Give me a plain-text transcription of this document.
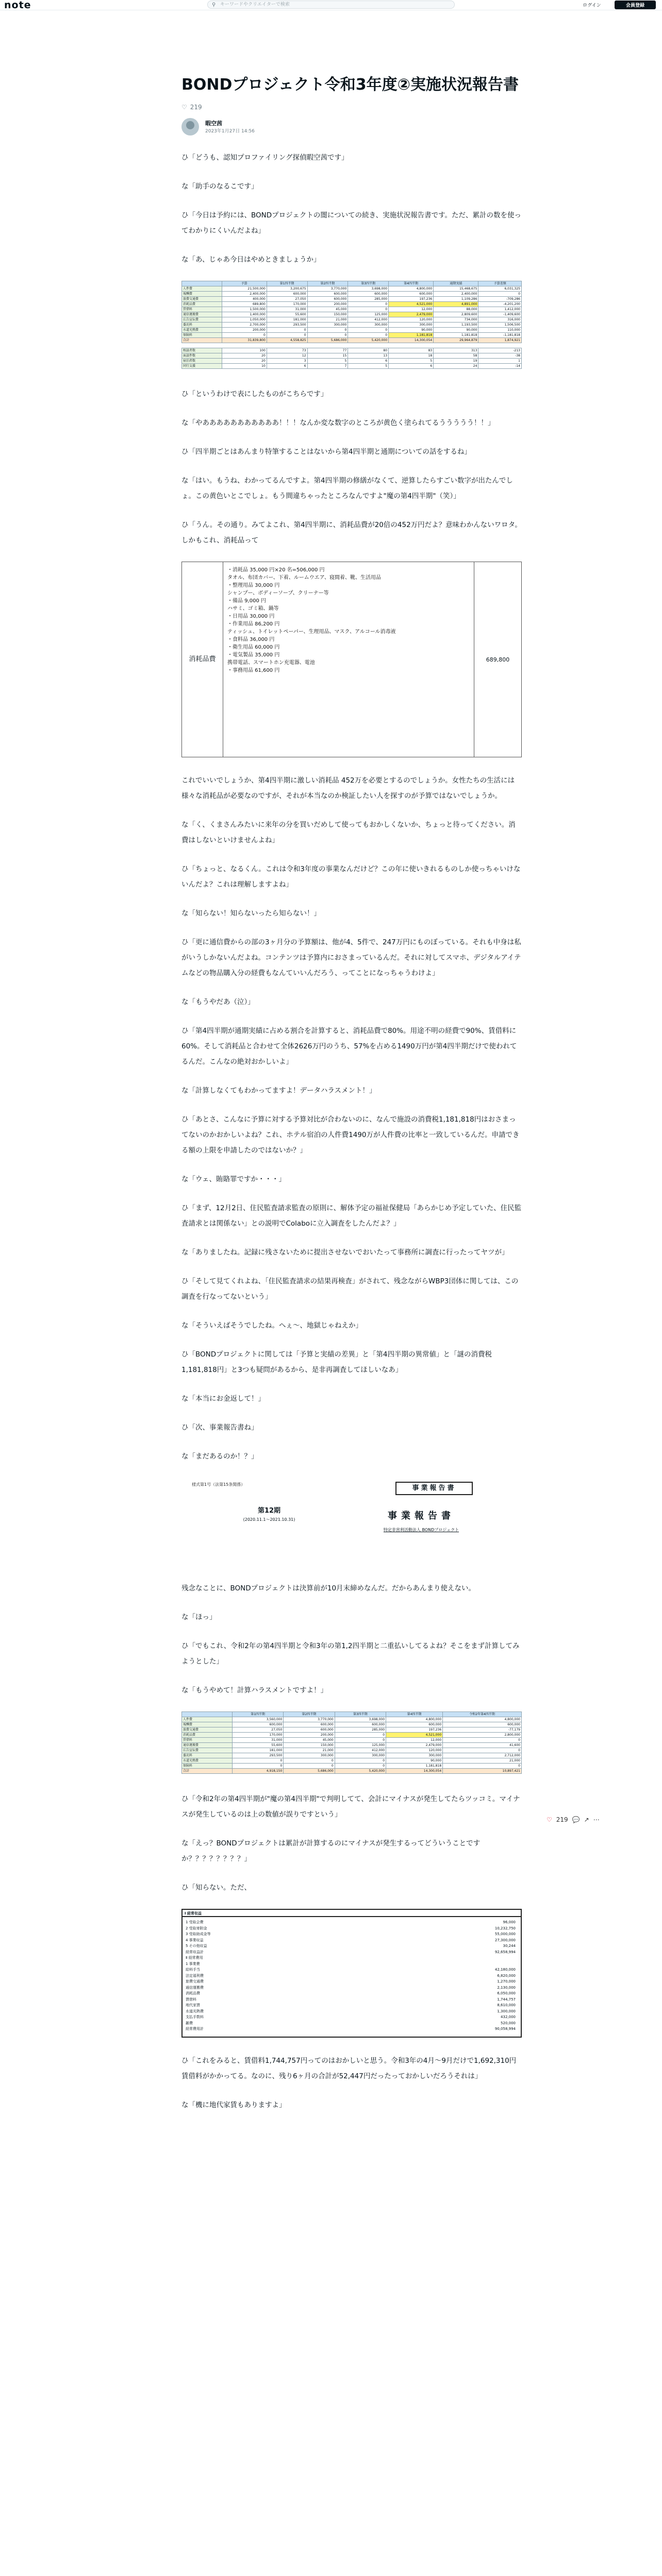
note	⚲
キーワードやクリエイターで検索	ログイン	会員登録
BONDプロジェクト令和3年度②実施状況報告書
♡ 219
暇空茜
2023年1月27日 14:56

ひ「どうも、認知プロファイリング探偵暇空茜です」

な「助手のなるこです」

ひ「今日は予約には、BONDプロジェクトの闇についての続き、実施状況報告書です。ただ、累計の数を使ってわかりにくいんだよね」

な「あ、じゃあ今日はやめときましょうか」

	予算	第1四半期	第2四半期	第3四半期	第4四半期	通期実績	予算差額
人件費	21,500,000	3,200,675	3,770,000	3,698,000	4,800,000	15,468,675	6,031,325
報酬費	2,400,000	600,000	600,000	600,000	600,000	2,400,000	0
旅費交通費	400,000	27,050	600,000	285,000	197,236	1,109,286	-709,286
消耗品費	689,800	170,000	200,000	0	4,521,000	4,891,000	-4,201,200
賃借料	1,500,000	31,000	45,000	0	12,000	88,000	1,412,000
通信運搬費	1,400,000	55,600	150,000	125,000	2,479,000	2,809,600	-1,409,600
広告宣伝費	1,050,000	181,000	21,000	412,000	120,000	734,000	316,000
委託料	2,700,000	293,500	300,000	300,000	300,000	1,193,500	1,506,500
水道光熱費	200,000	0	0	0	90,000	90,000	110,000
保険料	0	0	0	0	1,181,818	1,181,818	-1,181,818
合計	31,839,800	4,558,825	5,686,000	5,420,000	14,300,054	29,964,879	1,874,921

相談者数	100	73	77	80	83	313	-213
面談件数	20	12	15	13	18	58	-38
宿泊者数	20	3	5	6	5	19	1
同行支援	10	6	7	5	6	24	-14

ひ「というわけで表にしたものがこちらです」

な「やあああああああああああ！！！なんか変な数字のところが黄色く塗られてるううううう！！」

ひ「四半期ごとはあんまり特筆することはないから第4四半期と通期についての話をするね」

な「はい。もうね、わかってるんですよ。第4四半期の修繕がなくて、逆算したらすごい数字が出たんでしょ。この黄色いとこでしょ。もう間違ちゃったところなんですよ"魔の第4四半期"（笑）」

ひ「うん。その通り。みてよこれ、第4四半期に、消耗品費が20倍の452万円だよ？意味わかんないワロタ。しかもこれ、消耗品って

消耗品費
・消耗品 35,000 円×20 名=506,000 円
タオル、布団カバー、下着、ルームウエア、寝間着、靴、生活用品
・整理用品 30,000 円
シャンプー、ボディーソープ、クリーナー等
・備品 9,000 円
ハサミ、ゴミ箱、鍋等
・日用品 30,000 円
・作業用品 86,200 円
ティッシュ、トイレットペーパー、生理用品、マスク、アルコール消毒液
・食料品 36,000 円
・衛生用品 60,000 円
・電気製品 35,000 円
携帯電話、スマートホン充電器、電池
・事務用品 61,600 円
689,800

これでいいでしょうか、第4四半期に激しい消耗品 452万を必要とするのでしょうか。女性たちの生活には様々な消耗品が必要なのですが、それが本当なのか検証したい人を探すのが予算ではないでしょうか。

な「く、くまさんみたいに来年の分を買いだめして使ってもおかしくないか、ちょっと待ってください。消費はしないといけませんよね」

ひ「ちょっと、なるくん。これは令和3年度の事業なんだけど？この年に使いきれるものしか使っちゃいけないんだよ？これは理解しますよね」

な「知らない！知らないったら知らない！」

ひ「更に通信費からの部の3ヶ月分の予算額は、他が4、5件で、247万円にものぼっている。それも中身は私がいうしかないんだよね。コンテンツは予算内におさまっているんだ。それに対してスマホ、デジタルアイテムなどの物品購入分の経費もなんていいんだろう、ってことになっちゃうわけよ」

な「もうやだあ（泣）」

ひ「第4四半期が通期実績に占める割合を計算すると、消耗品費で80%。用途不明の経費で90%、賃借料に60%。そして消耗品と合わせて全体2626万円のうち、57%を占める1490万円が第4四半期だけで使われてるんだ。こんなの絶対おかしいよ」

な「計算しなくてもわかってますよ！データハラスメント！」

ひ「あとさ、こんなに予算に対する予算対比が合わないのに、なんで施設の消費税1,181,818円はおさまってないのかおかしいよね？これ、ホテル宿泊の人件費1490万が人件費の比率と一致しているんだ。申請できる額の上限を申請したのではないか？」

な「ウェ、賄賂罪ですか・・・」

ひ「まず、12月2日、住民監査請求監査の原則に、解体予定の福祉保健局「あらかじめ予定していた、住民監査請求とは関係ない」との説明でColaboに立入調査をしたんだよ？」

な「ありましたね。記録に残さないために提出させないでおいたって事務所に調査に行ったってヤツが」

ひ「そして見てくれよね、「住民監査請求の結果再検査」がされて、残念ながらWBP3団体に関しては、この調査を行なってないという」

な「そういえばそうでしたね。へぇ〜、地獄じゃねえか」

ひ「BONDプロジェクトに関しては「予算と実績の差異」と「第4四半期の異常値」と「謎の消費税1,181,818円」と3つも疑問があるから、是非再調査してほしいなあ」

な「本当にお金返して！」

ひ「次、事業報告書ね」

な「まだあるのか！？」

様式第1号（法第15条関係）	事業報告書
第12期
(2020.11.1〜2021.10.31)	事業報告書
特定非営利活動法人 BONDプロジェクト

残念なことに、BONDプロジェクトは決算前が10月末締めなんだ。だからあんまり使えない。

な「ほっ」

ひ「でもこれ、令和2年の第4四半期と令和3年の第1,2四半期と二重払いしてるよね？そこをまず計算してみようとした」

な「もうやめて！計算ハラスメントですよ！」

	第1四半期	第2四半期	第3四半期	第4四半期	令和2年第4四半期
人件費	3,560,000	3,770,000	3,698,000	4,800,000	4,800,000
報酬費	600,000	600,000	600,000	600,000	600,000
旅費交通費	27,050	600,000	285,000	197,236	-77,179
消耗品費	170,000	200,000	0	4,521,000	2,800,000
賃借料	31,000	45,000	0	12,000	0
通信運搬費	55,600	150,000	125,000	2,479,000	41,600
広告宣伝費	181,000	21,000	412,000	120,000	0
委託料	293,500	300,000	300,000	300,000	2,712,000
水道光熱費	0	0	0	90,000	21,000
保険料	0	0	0	1,181,818	0
合計	4,918,150	5,686,000	5,420,000	14,300,054	10,897,421

ひ「令和2年の第4四半期が"魔の第4四半期"で判明してて、会計にマイナスが発生してたらツッコミ。マイナスが発生しているのは上の数値が誤りですという」

な「えっ？BONDプロジェクトは累計が計算するのにマイナスが発生するってどういうことですか？？？？？？？？」

ひ「知らない。ただ、

Ⅰ 経常収益
1 受取会費	96,000
2 受取寄附金	10,232,750
3 受取助成金等	55,000,000
4 事業収益	27,300,000
5 その他収益	30,244
経常収益計	92,658,994
Ⅱ 経常費用
1 事業費
給料手当	42,180,000
法定福利費	6,820,000
旅費交通費	1,270,000
通信運搬費	2,130,000
消耗品費	6,050,000
賃借料	1,744,757
地代家賃	8,610,000
水道光熱費	1,300,000
支払手数料	432,000
雑費	520,000
経常費用計	90,058,994

ひ「これをみると、賃借料1,744,757円ってのはおかしいと思う。令和3年の4月〜9月だけで1,692,310円賃借料がかかってる。なのに、残り6ヶ月の合計が52,447円だったっておかしいだろうそれは」

な「機に地代家賃もありますよ」

♡ 219 💬 ↗ ⋯
